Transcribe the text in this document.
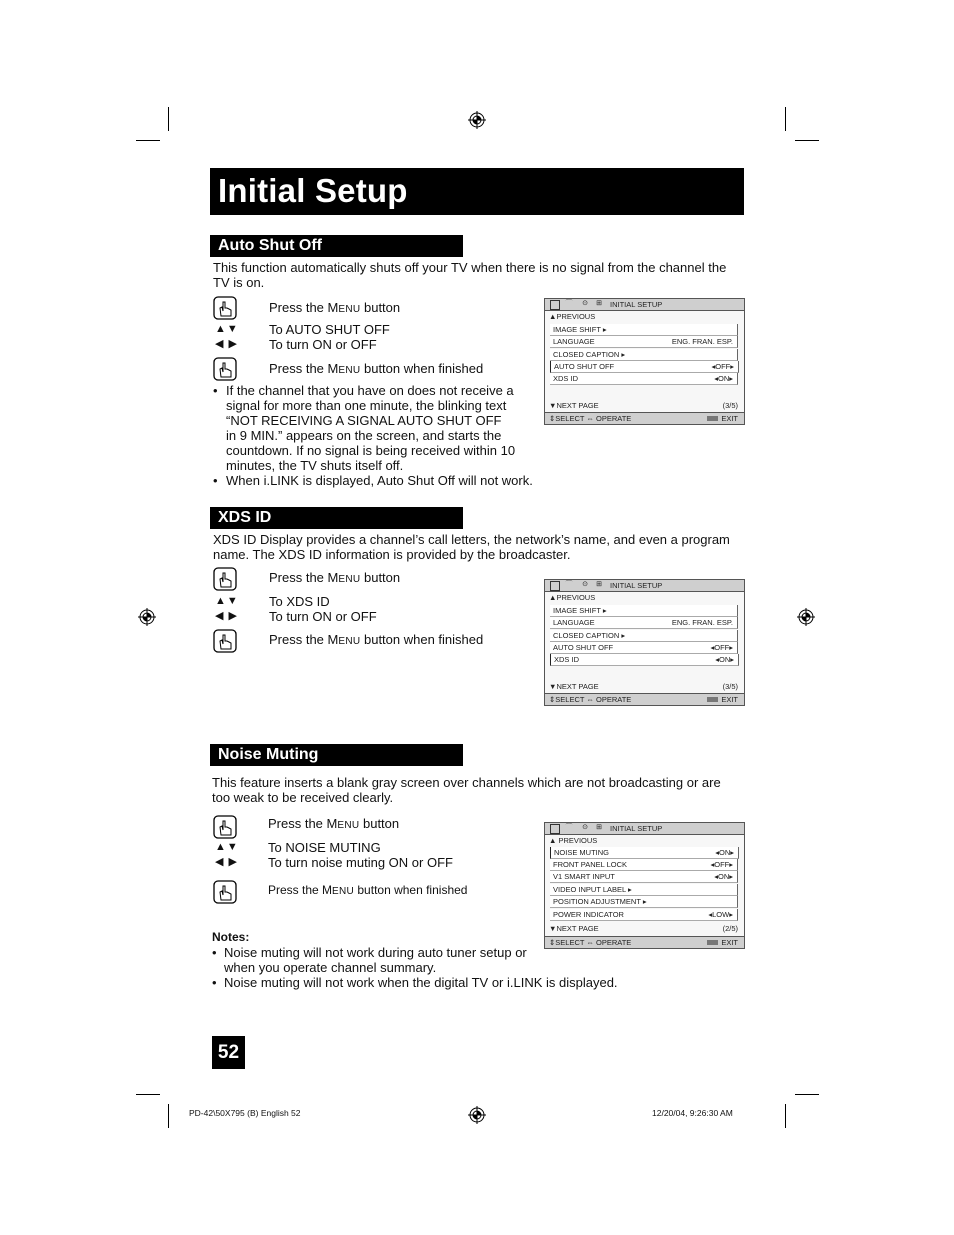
Initial Setup
Auto Shut Off
This function automatically shuts off your TV when there is no signal from the channel the TV is on.
Press the MENU button
▲▼
◀ ▶
To AUTO SHUT OFF
To turn ON or OFF
Press the MENU button when finished
• If the channel that you have on does not receive a
signal for more than one minute, the blinking text
“NOT RECEIVING A SIGNAL AUTO SHUT OFF
in 9 MIN.” appears on the screen, and starts the
countdown. If no signal is being received within 10
minutes, the TV shuts itself off.
• When i.LINK is displayed, Auto Shut Off will not work.
⌒ ⊙ ⊞ INITIAL SETUP
▲PREVIOUS
IMAGE SHIFT ▸
LANGUAGE	ENG. FRAN. ESP.
CLOSED CAPTION ▸
AUTO SHUT OFF	◂OFF▸
XDS ID	◂ON▸
▼NEXT PAGE	(3/5)
⇕SELECT ⇔ OPERATE	EXIT
XDS ID
XDS ID Display provides a channel’s call letters, the network’s name, and even a program name. The XDS ID information is provided by the broadcaster.
Press the MENU button
▲▼
◀ ▶
To XDS ID
To turn ON or OFF
Press the MENU button when finished
⌒ ⊙ ⊞ INITIAL SETUP
▲PREVIOUS
IMAGE SHIFT ▸
LANGUAGE	ENG. FRAN. ESP.
CLOSED CAPTION ▸
AUTO SHUT OFF	◂OFF▸
XDS ID	◂ON▸
▼NEXT PAGE	(3/5)
⇕SELECT ⇔ OPERATE	EXIT
Noise Muting
This feature inserts a blank gray screen over channels which are not broadcasting or are too weak to be received clearly.
Press the MENU button
▲▼
◀ ▶
To NOISE MUTING
To turn noise muting ON or OFF
Press the MENU button when finished
Notes:
• Noise muting will not work during auto tuner setup or
when you operate channel summary.
• Noise muting will not work when the digital TV or i.LINK is displayed.
⌒ ⊙ ⊞ INITIAL SETUP
▲ PREVIOUS
NOISE MUTING	◂ON▸
FRONT PANEL LOCK	◂OFF▸
V1 SMART INPUT	◂ON▸
VIDEO INPUT LABEL ▸
POSITION ADJUSTMENT ▸
POWER INDICATOR	◂LOW▸
▼NEXT PAGE	(2/5)
⇕SELECT ⇔ OPERATE	EXIT
52
PD-42\50X795 (B) English 52	12/20/04, 9:26:30 AM
